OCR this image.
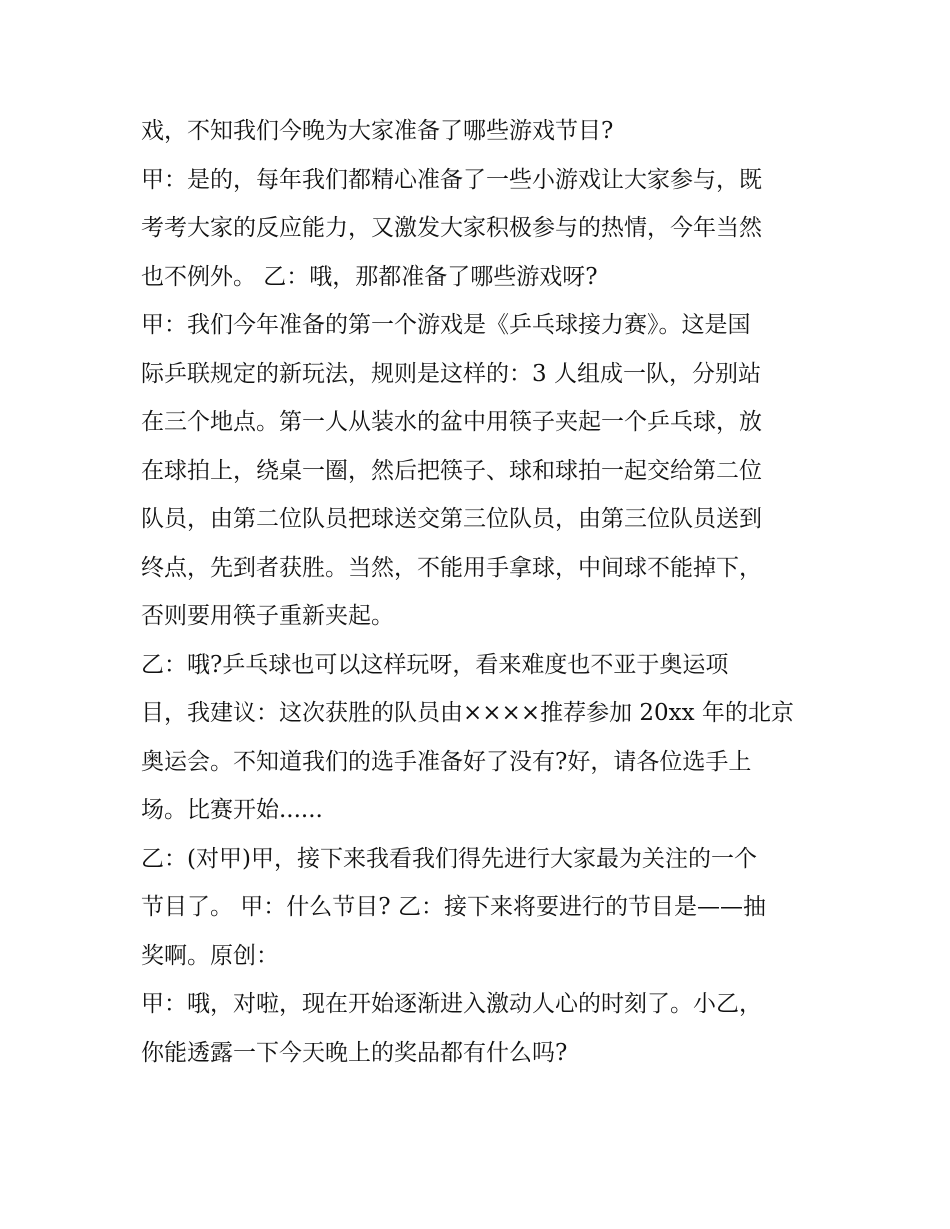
戏，不知我们今晚为大家准备了哪些游戏节目?
甲：是的，每年我们都精心准备了一些小游戏让大家参与，既
考考大家的反应能力，又激发大家积极参与的热情，今年当然
也不例外。 乙：哦，那都准备了哪些游戏呀?
甲：我们今年准备的第一个游戏是《乒乓球接力赛》。这是国
际乒联规定的新玩法，规则是这样的：3 人组成一队，分别站
在三个地点。第一人从装水的盆中用筷子夹起一个乒乓球，放
在球拍上，绕桌一圈，然后把筷子、球和球拍一起交给第二位
队员，由第二位队员把球送交第三位队员，由第三位队员送到
终点，先到者获胜。当然，不能用手拿球，中间球不能掉下，
否则要用筷子重新夹起。
乙：哦?乒乓球也可以这样玩呀，看来难度也不亚于奥运项
目，我建议：这次获胜的队员由××××推荐参加 20xx 年的北京
奥运会。不知道我们的选手准备好了没有?好，请各位选手上
场。比赛开始......
乙：(对甲)甲，接下来我看我们得先进行大家最为关注的一个
节目了。 甲：什么节目? 乙：接下来将要进行的节目是——抽
奖啊。原创：
甲：哦，对啦，现在开始逐渐进入激动人心的时刻了。小乙，
你能透露一下今天晚上的奖品都有什么吗?
